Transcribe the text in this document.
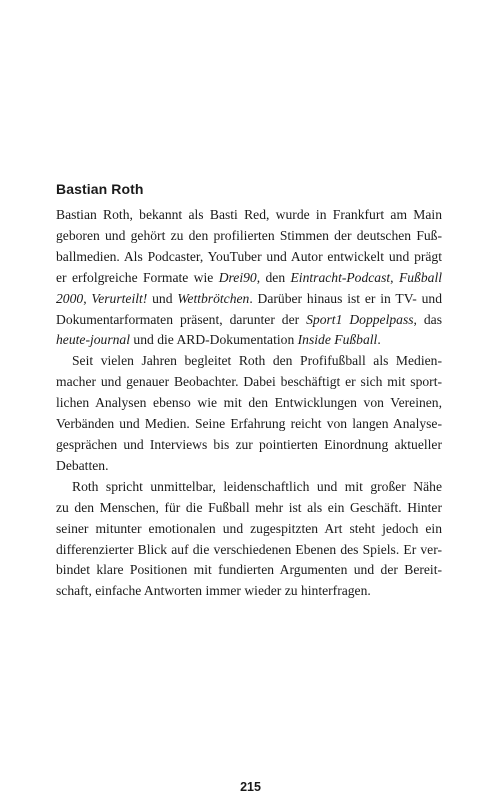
Bastian Roth
Bastian Roth, bekannt als Basti Red, wurde in Frankfurt am Main
geboren und gehört zu den profilierten Stimmen der deutschen Fuß-
ballmedien. Als Podcaster, YouTuber und Autor entwickelt und prägt
er erfolgreiche Formate wie Drei90, den Eintracht-Podcast, Fußball
2000, Verurteilt! und Wettbrötchen. Darüber hinaus ist er in TV- und
Dokumentarformaten präsent, darunter der Sport1 Doppelpass, das
heute-journal und die ARD-Dokumentation Inside Fußball.
Seit vielen Jahren begleitet Roth den Profifußball als Medien-
macher und genauer Beobachter. Dabei beschäftigt er sich mit sport-
lichen Analysen ebenso wie mit den Entwicklungen von Vereinen,
Verbänden und Medien. Seine Erfahrung reicht von langen Analyse-
gesprächen und Interviews bis zur pointierten Einordnung aktueller
Debatten.
Roth spricht unmittelbar, leidenschaftlich und mit großer Nähe
zu den Menschen, für die Fußball mehr ist als ein Geschäft. Hinter
seiner mitunter emotionalen und zugespitzten Art steht jedoch ein
differenzierter Blick auf die verschiedenen Ebenen des Spiels. Er ver-
bindet klare Positionen mit fundierten Argumenten und der Bereit-
schaft, einfache Antworten immer wieder zu hinterfragen.
215
